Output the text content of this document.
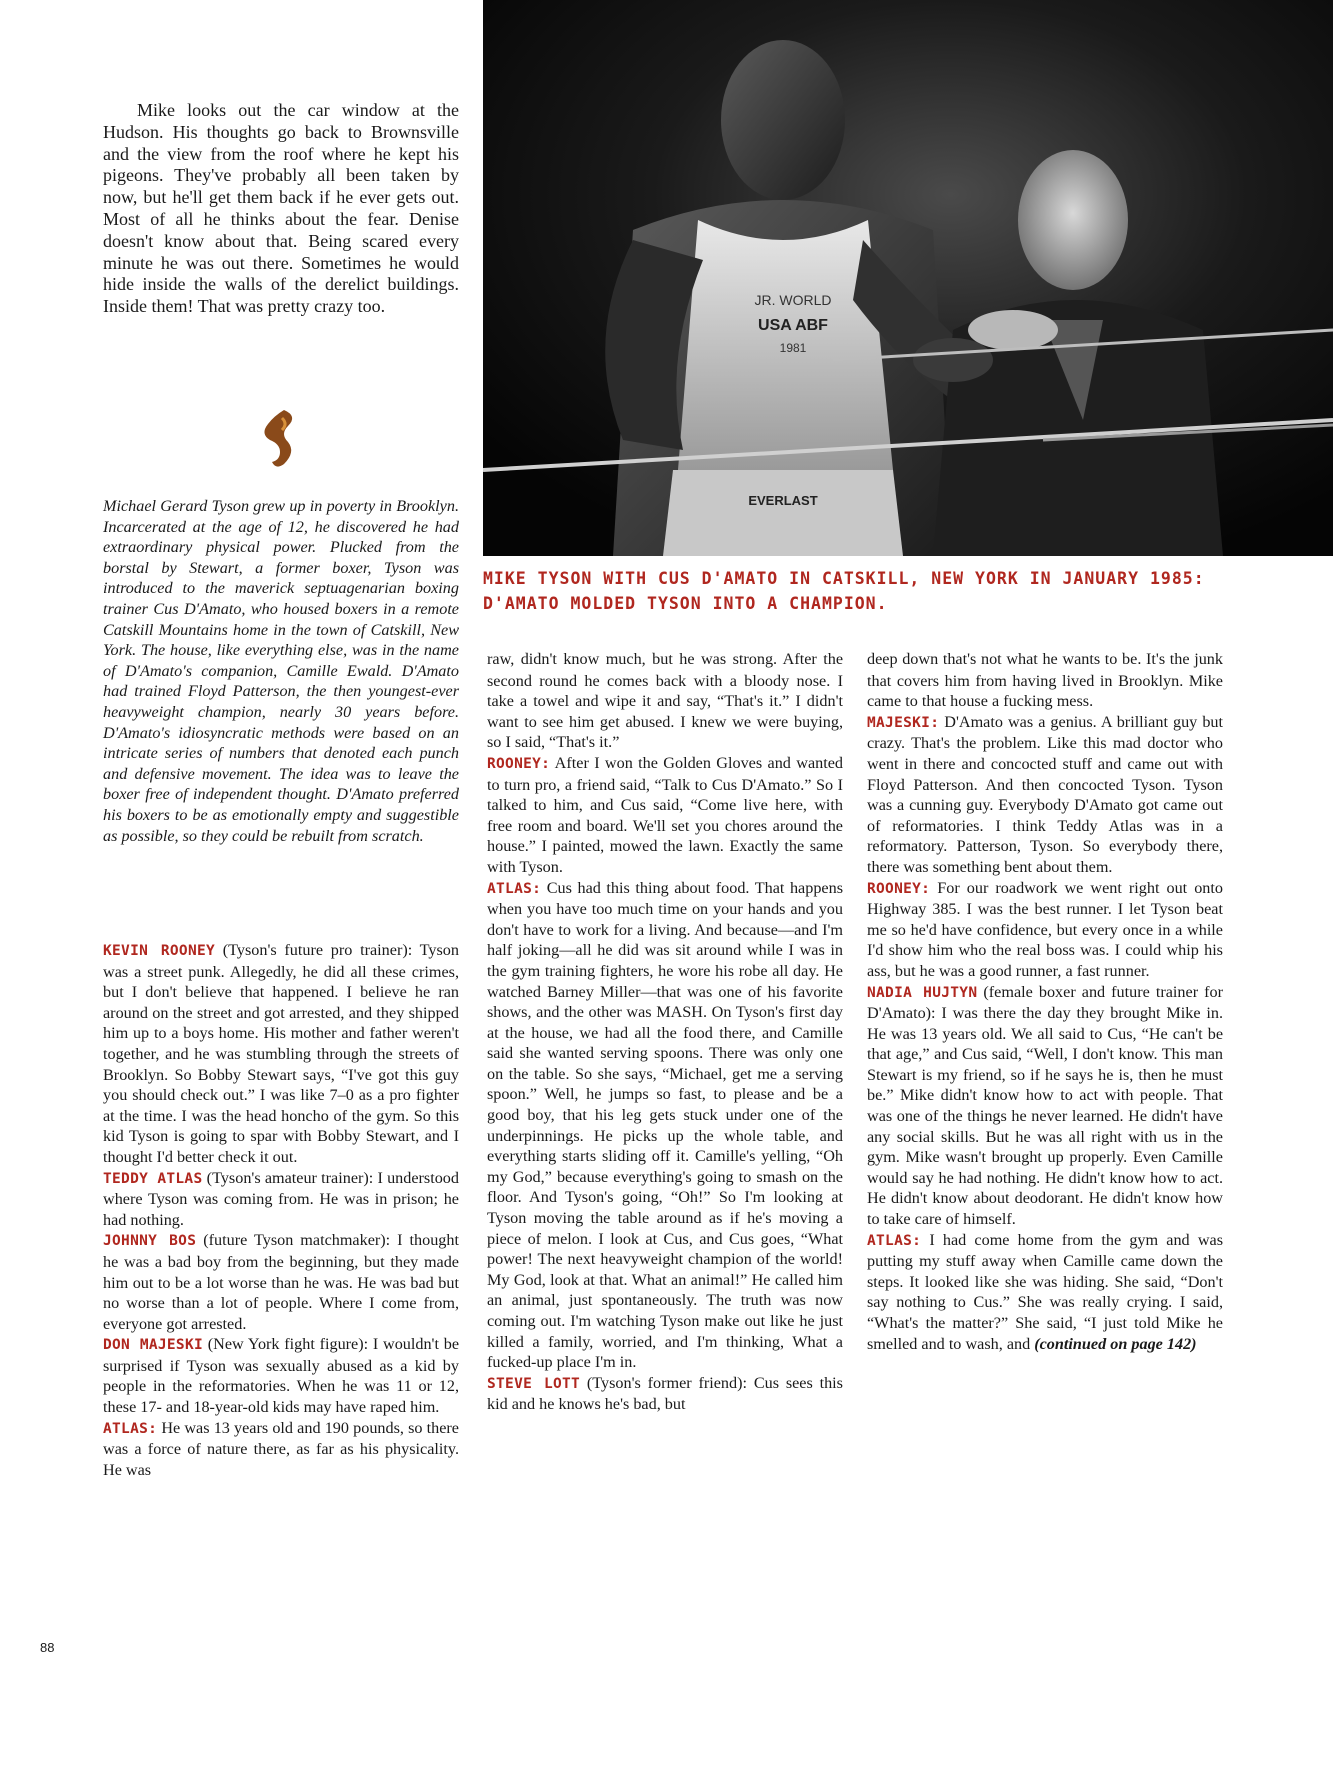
JR. WORLD
USA ABF
1981
EVERLAST
MIKE TYSON WITH CUS D'AMATO IN CATSKILL, NEW YORK IN JANUARY 1985: D'AMATO MOLDED TYSON INTO A CHAMPION.

Mike looks out the car window at the Hudson. His thoughts go back to Brownsville and the view from the roof where he kept his pigeons. They've probably all been taken by now, but he'll get them back if he ever gets out. Most of all he thinks about the fear. Denise doesn't know about that. Being scared every minute he was out there. Sometimes he would hide inside the walls of the derelict buildings. Inside them! That was pretty crazy too.

Michael Gerard Tyson grew up in poverty in Brooklyn. Incarcerated at the age of 12, he discovered he had extraordinary physical power. Plucked from the borstal by Stewart, a former boxer, Tyson was introduced to the maverick septuagenarian boxing trainer Cus D'Amato, who housed boxers in a remote Catskill Mountains home in the town of Catskill, New York. The house, like everything else, was in the name of D'Amato's companion, Camille Ewald. D'Amato had trained Floyd Patterson, the then youngest-ever heavyweight champion, nearly 30 years before. D'Amato's idiosyncratic methods were based on an intricate series of numbers that denoted each punch and defensive movement. The idea was to leave the boxer free of independent thought. D'Amato preferred his boxers to be as emotionally empty and suggestible as possible, so they could be rebuilt from scratch.

KEVIN ROONEY (Tyson's future pro trainer): Tyson was a street punk. Allegedly, he did all these crimes, but I don't believe that happened. I believe he ran around on the street and got arrested, and they shipped him up to a boys home. His mother and father weren't together, and he was stumbling through the streets of Brooklyn. So Bobby Stewart says, “I've got this guy you should check out.” I was like 7–0 as a pro fighter at the time. I was the head honcho of the gym. So this kid Tyson is going to spar with Bobby Stewart, and I thought I'd better check it out.

TEDDY ATLAS (Tyson's amateur trainer): I understood where Tyson was coming from. He was in prison; he had nothing.

JOHNNY BOS (future Tyson matchmaker): I thought he was a bad boy from the beginning, but they made him out to be a lot worse than he was. He was bad but no worse than a lot of people. Where I come from, everyone got arrested.

DON MAJESKI (New York fight figure): I wouldn't be surprised if Tyson was sexually abused as a kid by people in the reformatories. When he was 11 or 12, these 17- and 18-year-old kids may have raped him.

ATLAS: He was 13 years old and 190 pounds, so there was a force of nature there, as far as his physicality. He was

raw, didn't know much, but he was strong. After the second round he comes back with a bloody nose. I take a towel and wipe it and say, “That's it.” I didn't want to see him get abused. I knew we were buying, so I said, “That's it.”

ROONEY: After I won the Golden Gloves and wanted to turn pro, a friend said, “Talk to Cus D'Amato.” So I talked to him, and Cus said, “Come live here, with free room and board. We'll set you chores around the house.” I painted, mowed the lawn. Exactly the same with Tyson.

ATLAS: Cus had this thing about food. That happens when you have too much time on your hands and you don't have to work for a living. And because—and I'm half joking—all he did was sit around while I was in the gym training fighters, he wore his robe all day. He watched Barney Miller—that was one of his favorite shows, and the other was MASH. On Tyson's first day at the house, we had all the food there, and Camille said she wanted serving spoons. There was only one on the table. So she says, “Michael, get me a serving spoon.” Well, he jumps so fast, to please and be a good boy, that his leg gets stuck under one of the underpinnings. He picks up the whole table, and everything starts sliding off it. Camille's yelling, “Oh my God,” because everything's going to smash on the floor. And Tyson's going, “Oh!” So I'm looking at Tyson moving the table around as if he's moving a piece of melon. I look at Cus, and Cus goes, “What power! The next heavyweight champion of the world! My God, look at that. What an animal!” He called him an animal, just spontaneously. The truth was now coming out. I'm watching Tyson make out like he just killed a family, worried, and I'm thinking, What a fucked-up place I'm in.

STEVE LOTT (Tyson's former friend): Cus sees this kid and he knows he's bad, but

deep down that's not what he wants to be. It's the junk that covers him from having lived in Brooklyn. Mike came to that house a fucking mess.

MAJESKI: D'Amato was a genius. A brilliant guy but crazy. That's the problem. Like this mad doctor who went in there and concocted stuff and came out with Floyd Patterson. And then concocted Tyson. Tyson was a cunning guy. Everybody D'Amato got came out of reformatories. I think Teddy Atlas was in a reformatory. Patterson, Tyson. So everybody there, there was something bent about them.

ROONEY: For our roadwork we went right out onto Highway 385. I was the best runner. I let Tyson beat me so he'd have confidence, but every once in a while I'd show him who the real boss was. I could whip his ass, but he was a good runner, a fast runner.

NADIA HUJTYN (female boxer and future trainer for D'Amato): I was there the day they brought Mike in. He was 13 years old. We all said to Cus, “He can't be that age,” and Cus said, “Well, I don't know. This man Stewart is my friend, so if he says he is, then he must be.” Mike didn't know how to act with people. That was one of the things he never learned. He didn't have any social skills. But he was all right with us in the gym. Mike wasn't brought up properly. Even Camille would say he had nothing. He didn't know how to act. He didn't know about deodorant. He didn't know how to take care of himself.

ATLAS: I had come home from the gym and was putting my stuff away when Camille came down the steps. It looked like she was hiding. She said, “Don't say nothing to Cus.” She was really crying. I said, “What's the matter?” She said, “I just told Mike he smelled and to wash, and (continued on page 142)

88
